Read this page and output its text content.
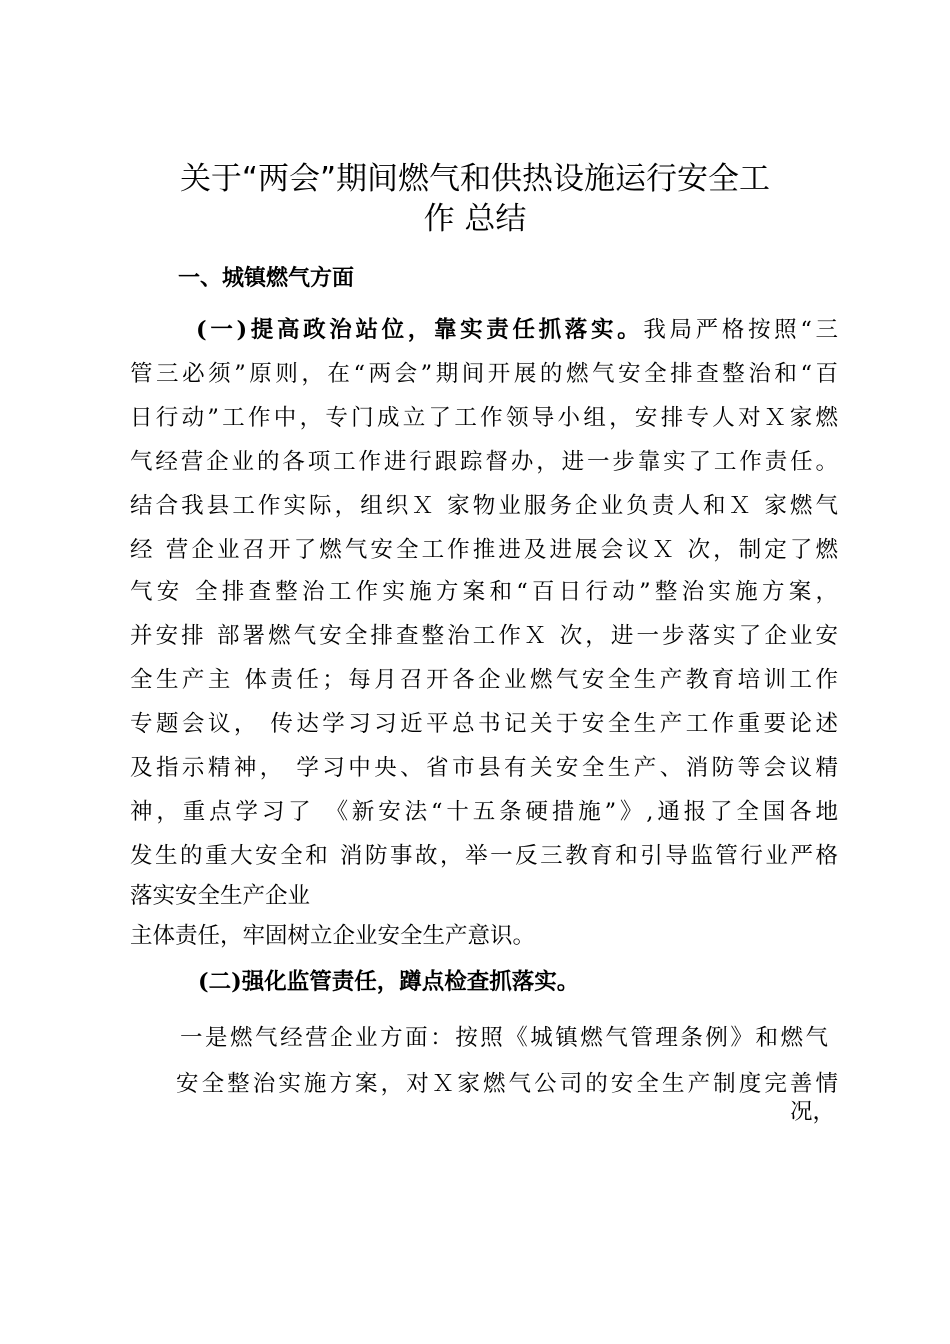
关于“两会”期间燃气和供热设施运行安全工
作 总结
一、城镇燃气方面

(一)提高政治站位，靠实责任抓落实。我局严格按照“三

管三必须”原则，在“两会”期间开展的燃气安全排查整治和“百

日行动”工作中，专门成立了工作领导小组，安排专人对Ｘ家燃

气经营企业的各项工作进行跟踪督办，进一步靠实了工作责任。

结合我县工作实际，组织Ｘ 家物业服务企业负责人和Ｘ 家燃气

经 营企业召开了燃气安全工作推进及进展会议Ｘ 次，制定了燃

气安 全排查整治工作实施方案和“百日行动”整治实施方案，

并安排 部署燃气安全排查整治工作Ｘ 次，进一步落实了企业安

全生产主 体责任；每月召开各企业燃气安全生产教育培训工作

专题会议， 传达学习习近平总书记关于安全生产工作重要论述

及指示精神， 学习中央、省市县有关安全生产、消防等会议精

神，重点学习了 《新安法“十五条硬措施”》,通报了全国各地

发生的重大安全和 消防事故，举一反三教育和引导监管行业严格

落实安全生产企业

主体责任，牢固树立企业安全生产意识。

(二)强化监管责任，蹲点检查抓落实。

一是燃气经营企业方面：按照《城镇燃气管理条例》和燃气

安全整治实施方案，对Ｘ家燃气公司的安全生产制度完善情

况，
